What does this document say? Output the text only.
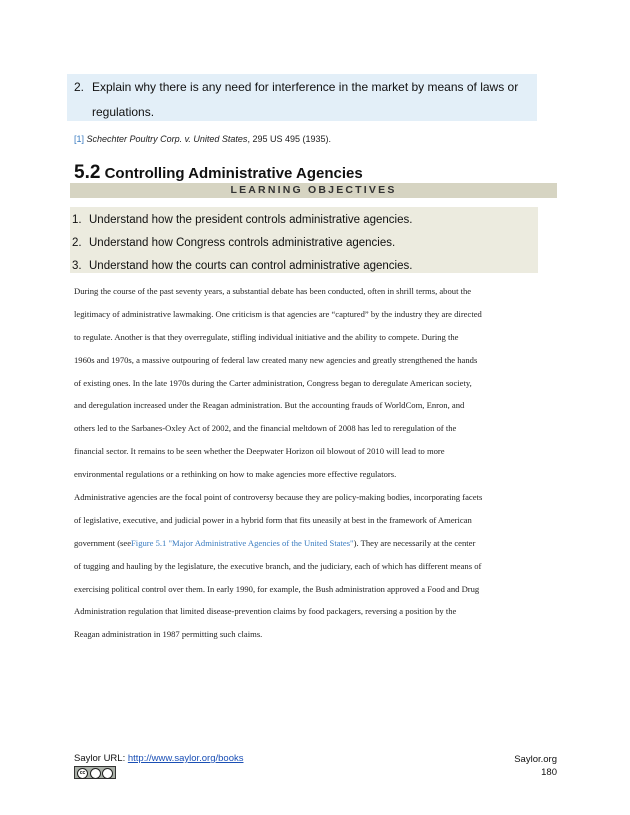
2. Explain why there is any need for interference in the market by means of laws or
regulations.
[1] Schechter Poultry Corp. v. United States, 295 US 495 (1935).
5.2 Controlling Administrative Agencies
LEARNING OBJECTIVES
1. Understand how the president controls administrative agencies.
2. Understand how Congress controls administrative agencies.
3. Understand how the courts can control administrative agencies.
During the course of the past seventy years, a substantial debate has been conducted, often in shrill terms, about the
legitimacy of administrative lawmaking. One criticism is that agencies are “captured” by the industry they are directed
to regulate. Another is that they overregulate, stifling individual initiative and the ability to compete. During the
1960s and 1970s, a massive outpouring of federal law created many new agencies and greatly strengthened the hands
of existing ones. In the late 1970s during the Carter administration, Congress began to deregulate American society,
and deregulation increased under the Reagan administration. But the accounting frauds of WorldCom, Enron, and
others led to the Sarbanes-Oxley Act of 2002, and the financial meltdown of 2008 has led to reregulation of the
financial sector. It remains to be seen whether the Deepwater Horizon oil blowout of 2010 will lead to more
environmental regulations or a rethinking on how to make agencies more effective regulators.
Administrative agencies are the focal point of controversy because they are policy-making bodies, incorporating facets
of legislative, executive, and judicial power in a hybrid form that fits uneasily at best in the framework of American
government (seeFigure 5.1 "Major Administrative Agencies of the United States"). They are necessarily at the center
of tugging and hauling by the legislature, the executive branch, and the judiciary, each of which has different means of
exercising political control over them. In early 1990, for example, the Bush administration approved a Food and Drug
Administration regulation that limited disease-prevention claims by food packagers, reversing a position by the
Reagan administration in 1987 permitting such claims.
Saylor URL: http://www.saylor.org/books
cc
Saylor.org
180
